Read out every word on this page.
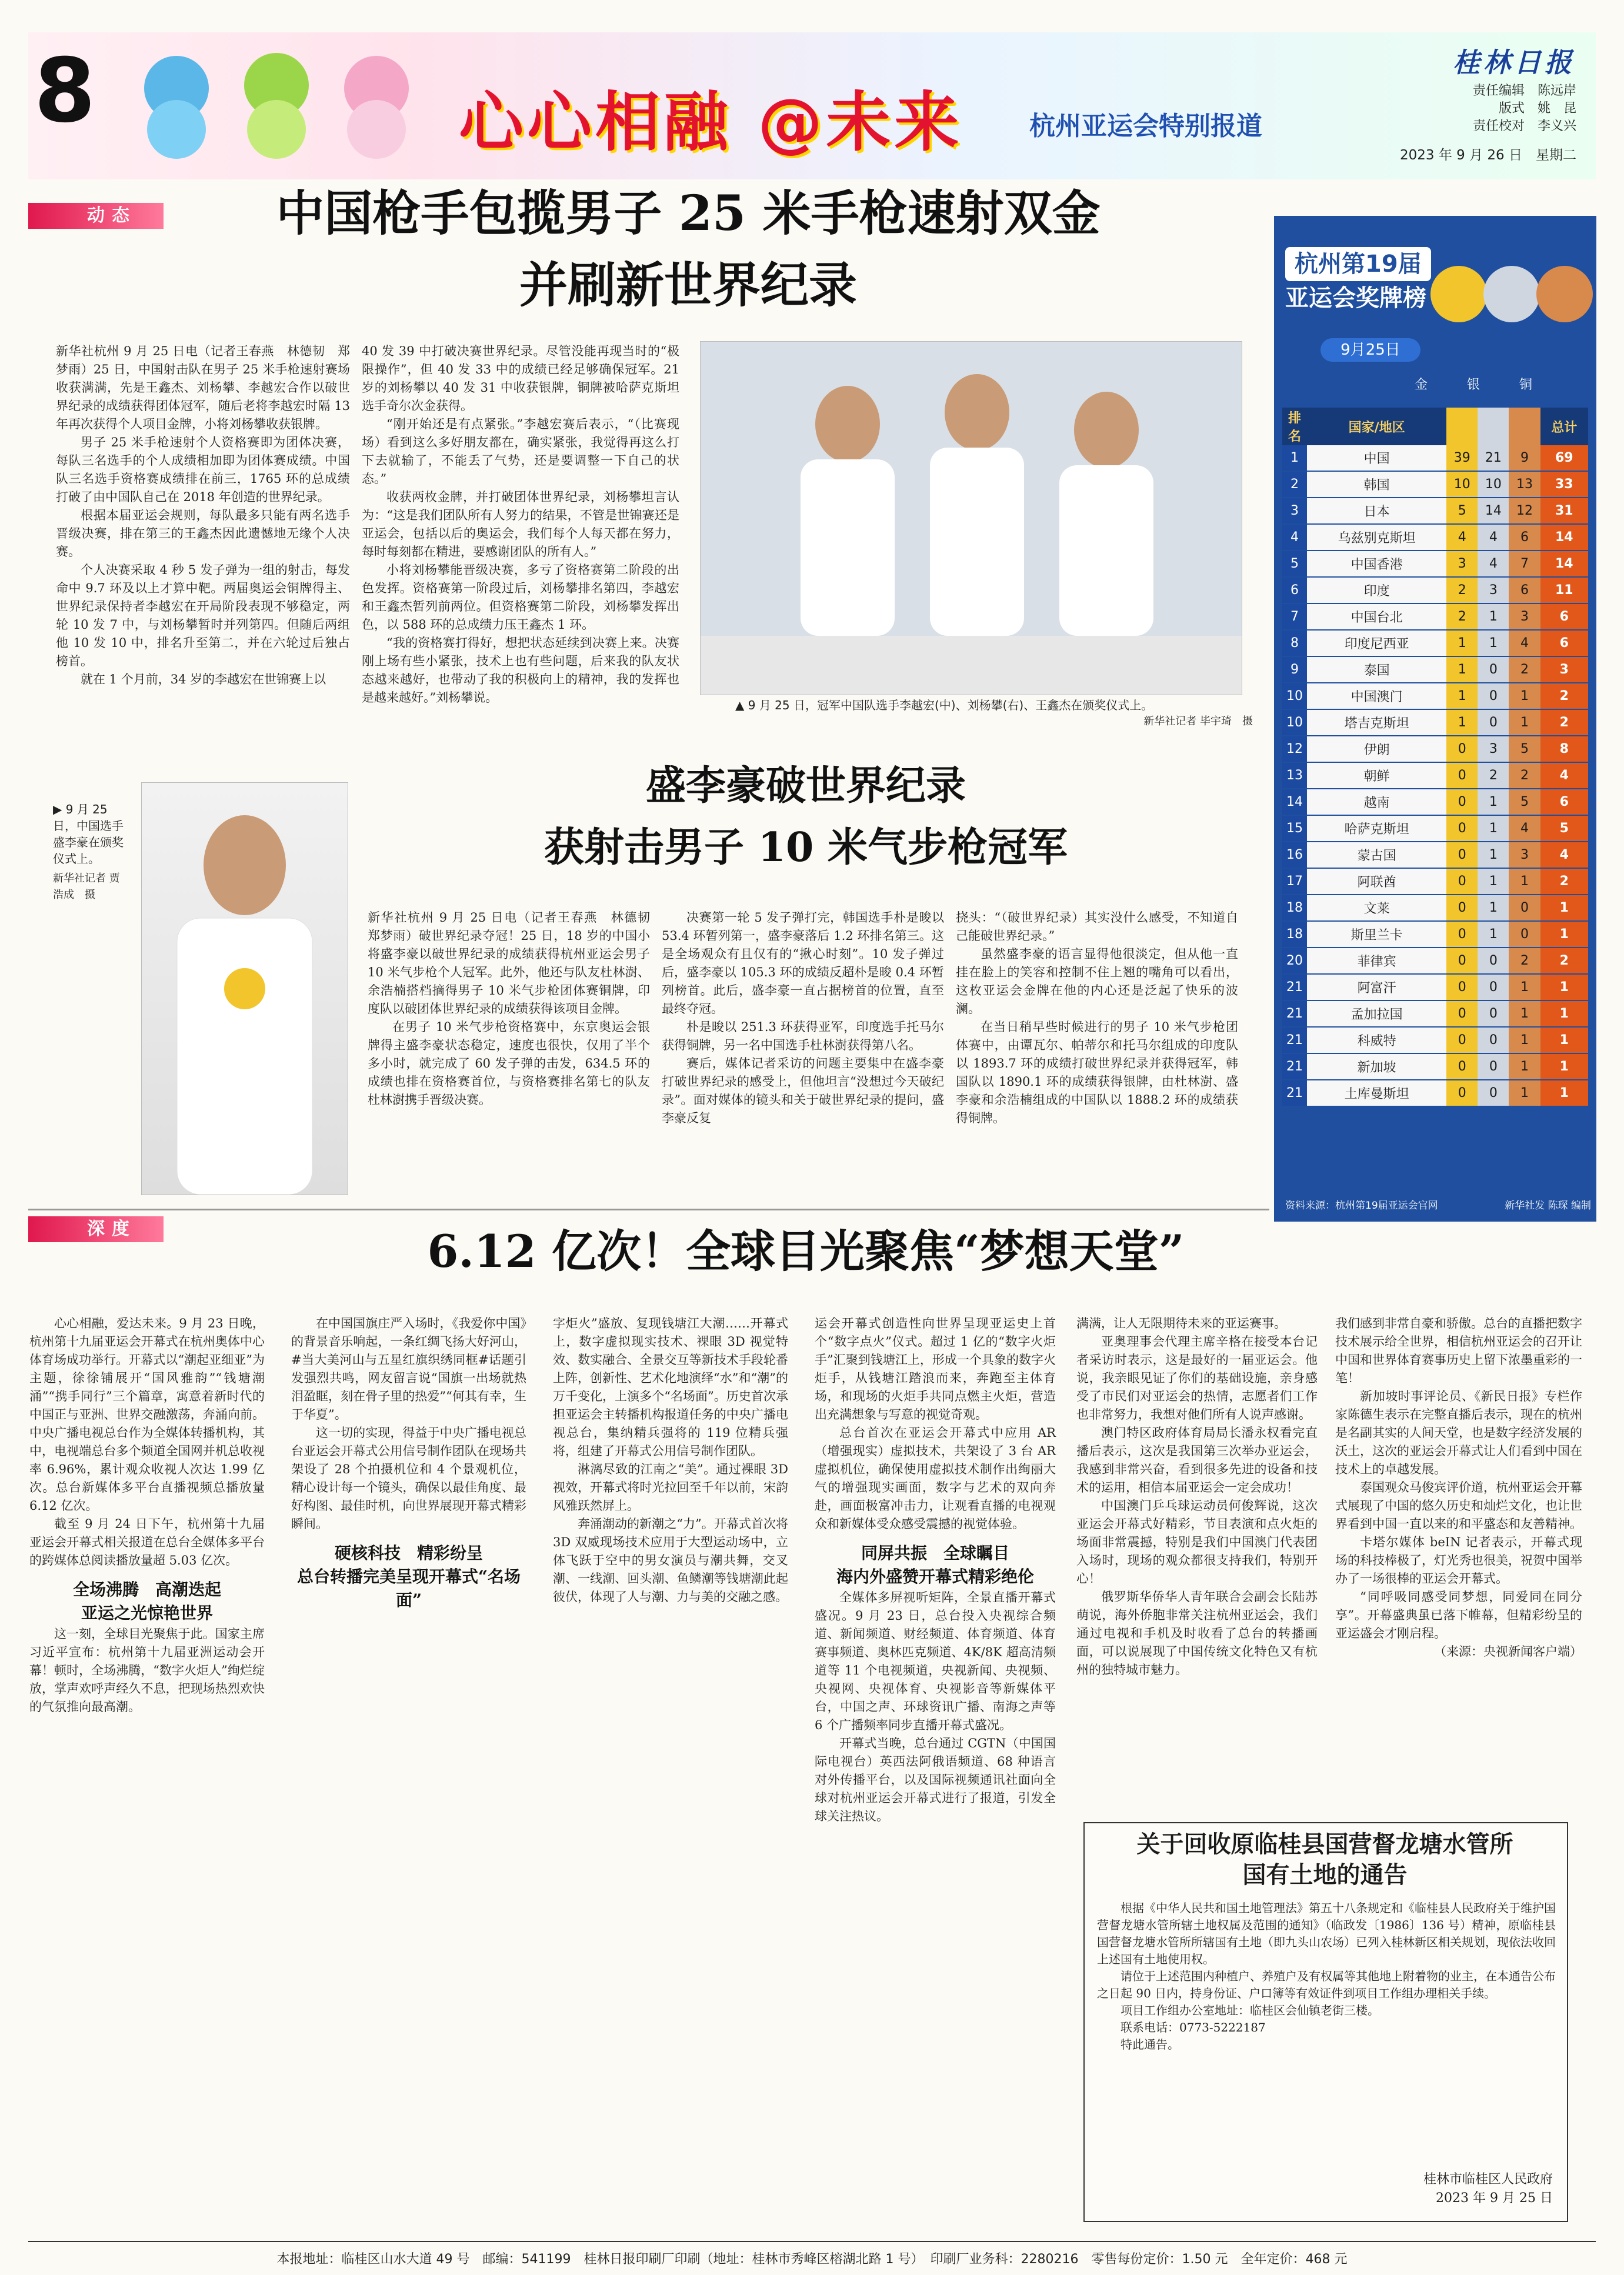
8	心心相融 @未来	杭州亚运会特别报道
桂林日报
责任编辑　陈远岸
版式　姚　昆
责任校对　李义兴
2023 年 9 月 26 日　星期二
动态	中国枪手包揽男子 25 米手枪速射双金
并刷新世界纪录

新华社杭州 9 月 25 日电（记者王春燕　林德韧　郑梦雨）25 日，中国射击队在男子 25 米手枪速射赛场收获满满，先是王鑫杰、刘杨攀、李越宏合作以破世界纪录的成绩获得团体冠军，随后老将李越宏时隔 13 年再次获得个人项目金牌，小将刘杨攀收获银牌。

男子 25 米手枪速射个人资格赛即为团体决赛，每队三名选手的个人成绩相加即为团体赛成绩。中国队三名选手资格赛成绩排在前三，1765 环的总成绩打破了由中国队自己在 2018 年创造的世界纪录。

根据本届亚运会规则，每队最多只能有两名选手晋级决赛，排在第三的王鑫杰因此遗憾地无缘个人决赛。

个人决赛采取 4 秒 5 发子弹为一组的射击，每发命中 9.7 环及以上才算中靶。两届奥运会铜牌得主、世界纪录保持者李越宏在开局阶段表现不够稳定，两轮 10 发 7 中，与刘杨攀暂时并列第四。但随后两组他 10 发 10 中，排名升至第二，并在六轮过后独占榜首。

就在 1 个月前，34 岁的李越宏在世锦赛上以

40 发 39 中打破决赛世界纪录。尽管没能再现当时的“极限操作”，但 40 发 33 中的成绩已经足够确保冠军。21 岁的刘杨攀以 40 发 31 中收获银牌，铜牌被哈萨克斯坦选手奇尔次金获得。

“刚开始还是有点紧张。”李越宏赛后表示，“（比赛现场）看到这么多好朋友都在，确实紧张，我觉得再这么打下去就输了，不能丢了气势，还是要调整一下自己的状态。”

收获两枚金牌，并打破团体世界纪录，刘杨攀坦言认为：“这是我们团队所有人努力的结果，不管是世锦赛还是亚运会，包括以后的奥运会，我们每个人每天都在努力，每时每刻都在精进，要感谢团队的所有人。”

小将刘杨攀能晋级决赛，多亏了资格赛第二阶段的出色发挥。资格赛第一阶段过后，刘杨攀排名第四，李越宏和王鑫杰暂列前两位。但资格赛第二阶段，刘杨攀发挥出色，以 588 环的总成绩力压王鑫杰 1 环。

“我的资格赛打得好，想把状态延续到决赛上来。决赛刚上场有些小紧张，技术上也有些问题，后来我的队友状态越来越好，也带动了我的积极向上的精神，我的发挥也是越来越好。”刘杨攀说。

▲ 9 月 25 日，冠军中国队选手李越宏(中)、刘杨攀(右)、王鑫杰在颁奖仪式上。
新华社记者 毕宇琦　摄
▶ 9 月 25 日，中国选手盛李豪在颁奖仪式上。
新华社记者 贾浩成　摄
盛李豪破世界纪录
获射击男子 10 米气步枪冠军

新华社杭州 9 月 25 日电（记者王春燕　林德韧　郑梦雨）破世界纪录夺冠！25 日，18 岁的中国小将盛李豪以破世界纪录的成绩获得杭州亚运会男子 10 米气步枪个人冠军。此外，他还与队友杜林澍、余浩楠搭档摘得男子 10 米气步枪团体赛铜牌，印度队以破团体世界纪录的成绩获得该项目金牌。

在男子 10 米气步枪资格赛中，东京奥运会银牌得主盛李豪状态稳定，速度也很快，仅用了半个多小时，就完成了 60 发子弹的击发，634.5 环的成绩也排在资格赛首位，与资格赛排名第七的队友杜林澍携手晋级决赛。

决赛第一轮 5 发子弹打完，韩国选手朴是晙以 53.4 环暂列第一，盛李豪落后 1.2 环排名第三。这是全场观众有且仅有的“揪心时刻”。10 发子弹过后，盛李豪以 105.3 环的成绩反超朴是晙 0.4 环暂列榜首。此后，盛李豪一直占据榜首的位置，直至最终夺冠。

朴是晙以 251.3 环获得亚军，印度选手托马尔获得铜牌，另一名中国选手杜林澍获得第八名。

赛后，媒体记者采访的问题主要集中在盛李豪打破世界纪录的感受上，但他坦言“没想过今天破纪录”。面对媒体的镜头和关于破世界纪录的提问，盛李豪反复

挠头：“（破世界纪录）其实没什么感受，不知道自己能破世界纪录。”

虽然盛李豪的语言显得他很淡定，但从他一直挂在脸上的笑容和控制不住上翘的嘴角可以看出，这枚亚运会金牌在他的内心还是泛起了快乐的波澜。

在当日稍早些时候进行的男子 10 米气步枪团体赛中，由谭瓦尔、帕蒂尔和托马尔组成的印度队以 1893.7 环的成绩打破世界纪录并获得冠军，韩国队以 1890.1 环的成绩获得银牌，由杜林澍、盛李豪和余浩楠组成的中国队以 1888.2 环的成绩获得铜牌。

杭州第19届
亚运会奖牌榜
9月25日
金	银	铜
排名	国家/地区				总计
1	中国	39	21	9	69
2	韩国	10	10	13	33
3	日本	5	14	12	31
4	乌兹别克斯坦	4	4	6	14
5	中国香港	3	4	7	14
6	印度	2	3	6	11
7	中国台北	2	1	3	6
8	印度尼西亚	1	1	4	6
9	泰国	1	0	2	3
10	中国澳门	1	0	1	2
10	塔吉克斯坦	1	0	1	2
12	伊朗	0	3	5	8
13	朝鲜	0	2	2	4
14	越南	0	1	5	6
15	哈萨克斯坦	0	1	4	5
16	蒙古国	0	1	3	4
17	阿联酋	0	1	1	2
18	文莱	0	1	0	1
18	斯里兰卡	0	1	0	1
20	菲律宾	0	0	2	2
21	阿富汗	0	0	1	1
21	孟加拉国	0	0	1	1
21	科威特	0	0	1	1
21	新加坡	0	0	1	1
21	土库曼斯坦	0	0	1	1
资料来源：杭州第19届亚运会官网	新华社发 陈琛 编制
深度	6.12 亿次！全球目光聚焦“梦想天堂”

心心相融，爱达未来。9 月 23 日晚，杭州第十九届亚运会开幕式在杭州奥体中心体育场成功举行。开幕式以“潮起亚细亚”为主题，徐徐铺展开“国风雅韵”“钱塘潮涌”“携手同行”三个篇章，寓意着新时代的中国正与亚洲、世界交融激荡，奔涌向前。中央广播电视总台作为全媒体转播机构，其中，电视端总台多个频道全国网并机总收视率 6.96%，累计观众收视人次达 1.99 亿次。总台新媒体多平台直播视频总播放量 6.12 亿次。

截至 9 月 24 日下午，杭州第十九届亚运会开幕式相关报道在总台全媒体多平台的跨媒体总阅读播放量超 5.03 亿次。

全场沸腾　高潮迭起
亚运之光惊艳世界

这一刻，全球目光聚焦于此。国家主席习近平宣布：杭州第十九届亚洲运动会开幕！顿时，全场沸腾，“数字火炬人”绚烂绽放，掌声欢呼声经久不息，把现场热烈欢快的气氛推向最高潮。

在中国国旗庄严入场时，《我爱你中国》的背景音乐响起，一条红绸飞扬大好河山，#当大美河山与五星红旗织绣同框#话题引发强烈共鸣，网友留言说“国旗一出场就热泪盈眶，刻在骨子里的热爱”“何其有幸，生于华夏”。

这一切的实现，得益于中央广播电视总台亚运会开幕式公用信号制作团队在现场共架设了 28 个拍摄机位和 4 个景观机位，精心设计每一个镜头，确保以最佳角度、最好构图、最佳时机，向世界展现开幕式精彩瞬间。

硬核科技　精彩纷呈
总台转播完美呈现开幕式“名场面”

字炬火”盛放、复现钱塘江大潮……开幕式上，数字虚拟现实技术、裸眼 3D 视觉特效、数实融合、全景交互等新技术手段轮番上阵，创新性、艺术化地演绎“水”和“潮”的万千变化，上演多个“名场面”。历史首次承担亚运会主转播机构报道任务的中央广播电视总台，集纳精兵强将的 119 位精兵强将，组建了开幕式公用信号制作团队。

淋漓尽致的江南之“美”。通过裸眼 3D 视效，开幕式将时光拉回至千年以前，宋韵风雅跃然屏上。

奔涌潮动的新潮之“力”。开幕式首次将 3D 双威现场技术应用于大型运动场中，立体飞跃于空中的男女演员与潮共舞，交叉潮、一线潮、回头潮、鱼鳞潮等钱塘潮此起彼伏，体现了人与潮、力与美的交融之感。

运会开幕式创造性向世界呈现亚运史上首个“数字点火”仪式。超过 1 亿的“数字火炬手”汇聚到钱塘江上，形成一个具象的数字火炬手，从钱塘江踏浪而来，奔跑至主体育场，和现场的火炬手共同点燃主火炬，营造出充满想象与写意的视觉奇观。

总台首次在亚运会开幕式中应用 AR（增强现实）虚拟技术，共架设了 3 台 AR 虚拟机位，确保使用虚拟技术制作出绚丽大气的增强现实画面，数字与艺术的双向奔赴，画面极富冲击力，让观看直播的电视观众和新媒体受众感受震撼的视觉体验。

同屏共振　全球瞩目
海内外盛赞开幕式精彩绝伦

全媒体多屏视听矩阵，全景直播开幕式盛况。9 月 23 日，总台投入央视综合频道、新闻频道、财经频道、体育频道、体育赛事频道、奥林匹克频道、4K/8K 超高清频道等 11 个电视频道，央视新闻、央视频、央视网、央视体育、央视影音等新媒体平台，中国之声、环球资讯广播、南海之声等 6 个广播频率同步直播开幕式盛况。

开幕式当晚，总台通过 CGTN（中国国际电视台）英西法阿俄语频道、68 种语言对外传播平台，以及国际视频通讯社面向全球对杭州亚运会开幕式进行了报道，引发全球关注热议。

满满，让人无限期待未来的亚运赛事。

亚奥理事会代理主席辛格在接受本台记者采访时表示，这是最好的一届亚运会。他说，我亲眼见证了你们的基础设施，亲身感受了市民们对亚运会的热情，志愿者们工作也非常努力，我想对他们所有人说声感谢。

澳门特区政府体育局局长潘永权看完直播后表示，这次是我国第三次举办亚运会，我感到非常兴奋，看到很多先进的设备和技术的运用，相信本届亚运会一定会成功！

中国澳门乒乓球运动员何俊辉说，这次亚运会开幕式好精彩，节目表演和点火炬的场面非常震撼，特别是我们中国澳门代表团入场时，现场的观众都很支持我们，特别开心！

俄罗斯华侨华人青年联合会副会长陆苏萌说，海外侨胞非常关注杭州亚运会，我们通过电视和手机及时收看了总台的转播画面，可以说展现了中国传统文化特色又有杭州的独特城市魅力。

我们感到非常自豪和骄傲。总台的直播把数字技术展示给全世界，相信杭州亚运会的召开让中国和世界体育赛事历史上留下浓墨重彩的一笔！

新加坡时事评论员、《新民日报》专栏作家陈德生表示在完整直播后表示，现在的杭州是名副其实的人间天堂，也是数字经济发展的沃土，这次的亚运会开幕式让人们看到中国在技术上的卓越发展。

泰国观众马俊宾评价道，杭州亚运会开幕式展现了中国的悠久历史和灿烂文化，也让世界看到中国一直以来的和平盛态和友善精神。

卡塔尔媒体 beIN 记者表示，开幕式现场的科技棒极了，灯光秀也很美，祝贺中国举办了一场很棒的亚运会开幕式。

“同呼吸同感受同梦想，同爱同在同分享”。开幕盛典虽已落下帷幕，但精彩纷呈的亚运盛会才刚启程。

（来源：央视新闻客户端）

关于回收原临桂县国营督龙塘水管所
国有土地的通告

根据《中华人民共和国土地管理法》第五十八条规定和《临桂县人民政府关于维护国营督龙塘水管所辖土地权属及范围的通知》（临政发〔1986〕136 号）精神，原临桂县国营督龙塘水管所所辖国有土地（即九头山农场）已列入桂林新区相关规划，现依法收回上述国有土地使用权。

请位于上述范围内种植户、养殖户及有权属等其他地上附着物的业主，在本通告公布之日起 90 日内，持身份证、户口簿等有效证件到项目工作组办理相关手续。

项目工作组办公室地址：临桂区会仙镇老街三楼。

联系电话：0773-5222187

特此通告。

桂林市临桂区人民政府
2023 年 9 月 25 日
本报地址：临桂区山水大道 49 号　邮编：541199　桂林日报印刷厂印刷（地址：桂林市秀峰区榕湖北路 1 号）　印刷厂业务科：2280216　零售每份定价：1.50 元　全年定价：468 元
